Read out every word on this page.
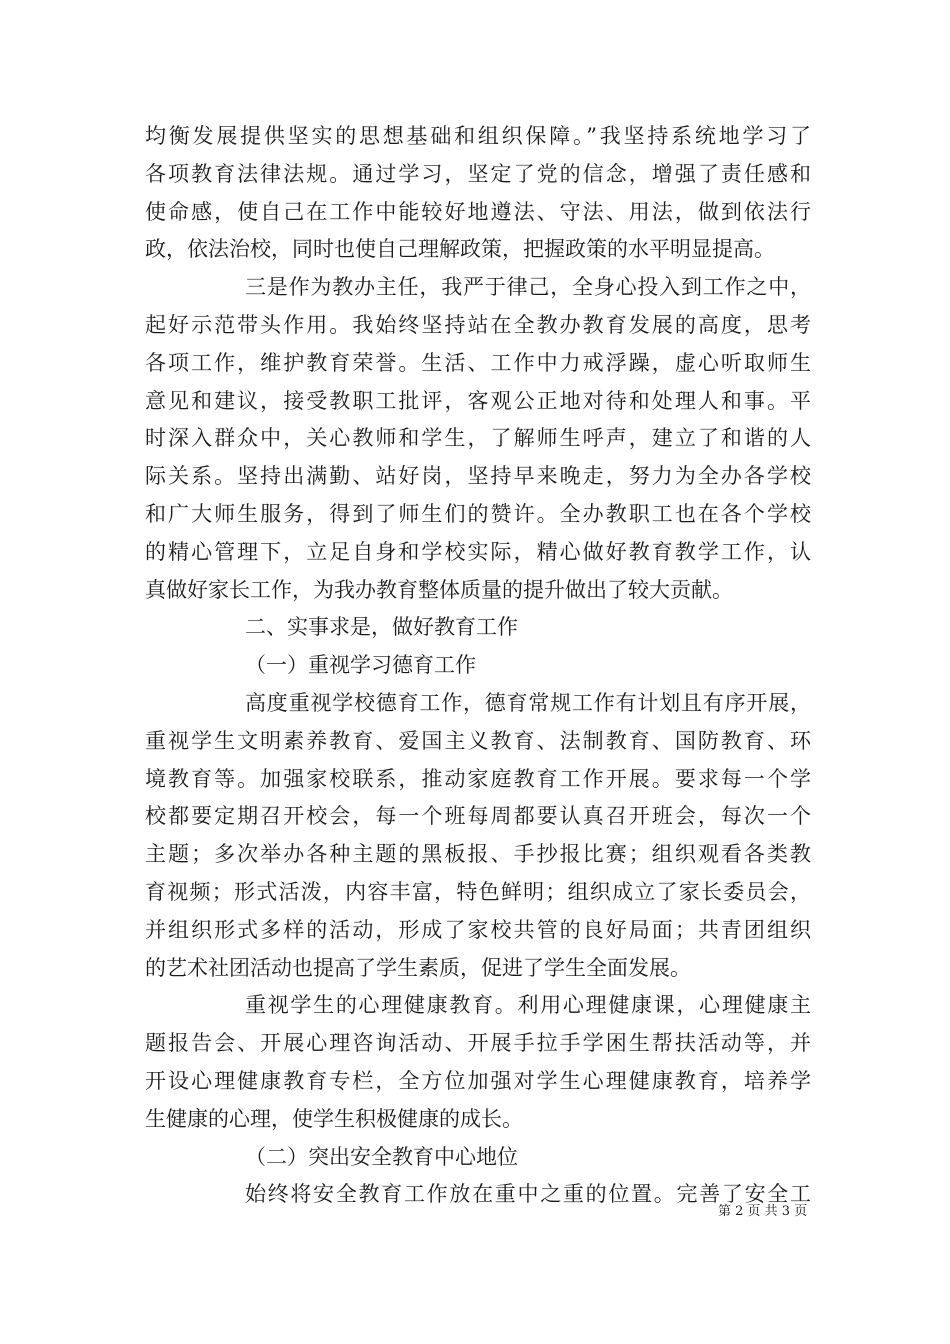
均衡发展提供坚实的思想基础和组织保障。”我坚持系统地学习了
各项教育法律法规。通过学习，坚定了党的信念，增强了责任感和
使命感，使自己在工作中能较好地遵法、守法、用法，做到依法行
政，依法治校，同时也使自己理解政策，把握政策的水平明显提高。
三是作为教办主任，我严于律己，全身心投入到工作之中，
起好示范带头作用。我始终坚持站在全教办教育发展的高度，思考
各项工作，维护教育荣誉。生活、工作中力戒浮躁，虚心听取师生
意见和建议，接受教职工批评，客观公正地对待和处理人和事。平
时深入群众中，关心教师和学生，了解师生呼声，建立了和谐的人
际关系。坚持出满勤、站好岗，坚持早来晚走，努力为全办各学校
和广大师生服务，得到了师生们的赞许。全办教职工也在各个学校
的精心管理下，立足自身和学校实际，精心做好教育教学工作，认
真做好家长工作，为我办教育整体质量的提升做出了较大贡献。
二、实事求是，做好教育工作
（一）重视学习德育工作
高度重视学校德育工作，德育常规工作有计划且有序开展，
重视学生文明素养教育、爱国主义教育、法制教育、国防教育、环
境教育等。加强家校联系，推动家庭教育工作开展。要求每一个学
校都要定期召开校会，每一个班每周都要认真召开班会，每次一个
主题；多次举办各种主题的黑板报、手抄报比赛；组织观看各类教
育视频；形式活泼，内容丰富，特色鲜明；组织成立了家长委员会，
并组织形式多样的活动，形成了家校共管的良好局面；共青团组织
的艺术社团活动也提高了学生素质，促进了学生全面发展。
重视学生的心理健康教育。利用心理健康课，心理健康主
题报告会、开展心理咨询活动、开展手拉手学困生帮扶活动等，并
开设心理健康教育专栏，全方位加强对学生心理健康教育，培养学
生健康的心理，使学生积极健康的成长。
（二）突出安全教育中心地位
始终将安全教育工作放在重中之重的位置。完善了安全工
第 2 页 共 3 页
